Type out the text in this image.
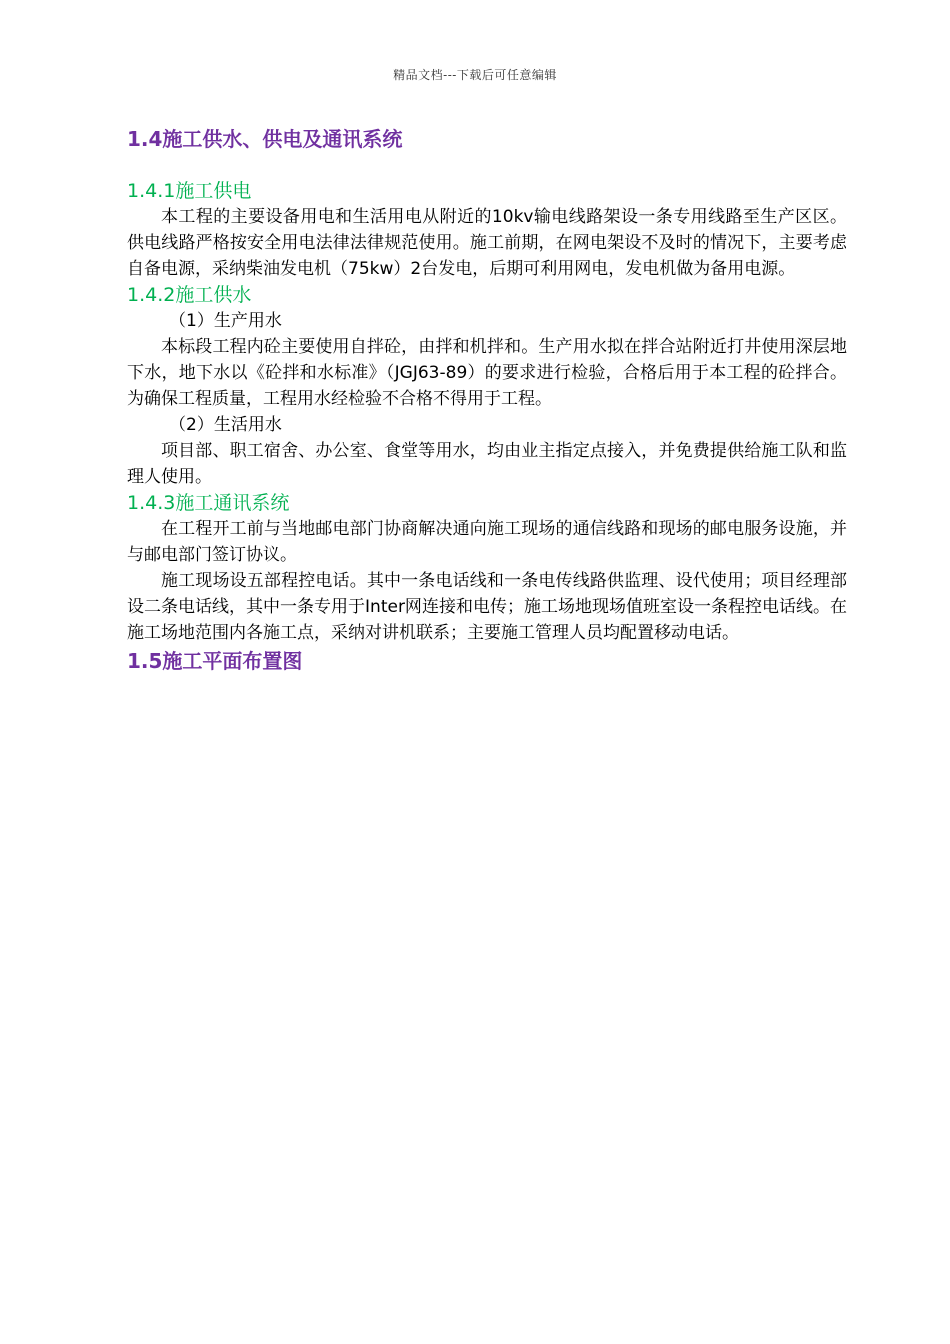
精品文档---下载后可任意编辑

1.4施工供水、供电及通讯系统

1.4.1施工供电

本工程的主要设备用电和生活用电从附近的10kv输电线路架设一条专用线路至生产区区。供电线路严格按安全用电法律法律规范使用。施工前期，在网电架设不及时的情况下，主要考虑自备电源，采纳柴油发电机（75kw）2台发电，后期可利用网电，发电机做为备用电源。

1.4.2施工供水

（1）生产用水

本标段工程内砼主要使用自拌砼，由拌和机拌和。生产用水拟在拌合站附近打井使用深层地下水，地下水以《砼拌和水标准》（JGJ63-89）的要求进行检验，合格后用于本工程的砼拌合。为确保工程质量，工程用水经检验不合格不得用于工程。

（2）生活用水

项目部、职工宿舍、办公室、食堂等用水，均由业主指定点接入，并免费提供给施工队和监理人使用。

1.4.3施工通讯系统

在工程开工前与当地邮电部门协商解决通向施工现场的通信线路和现场的邮电服务设施，并与邮电部门签订协议。

施工现场设五部程控电话。其中一条电话线和一条电传线路供监理、设代使用；项目经理部设二条电话线，其中一条专用于Inter网连接和电传；施工场地现场值班室设一条程控电话线。在施工场地范围内各施工点，采纳对讲机联系；主要施工管理人员均配置移动电话。

1.5施工平面布置图
